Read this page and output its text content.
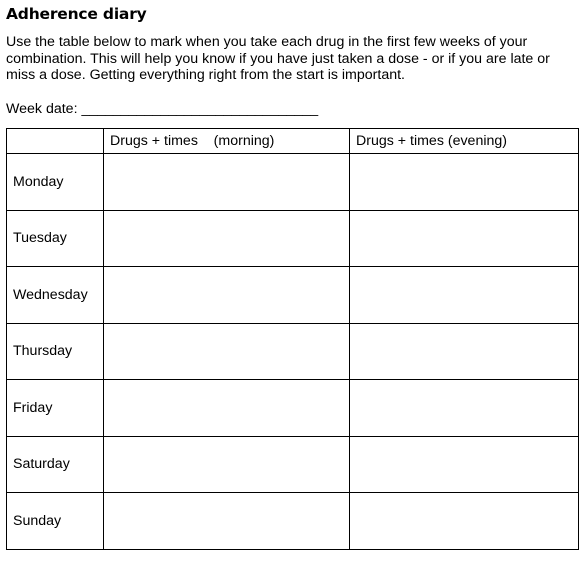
Adherence diary
Use the table below to mark when you take each drug in the first few weeks of your combination. This will help you know if you have just taken a dose - or if you are late or miss a dose. Getting everything right from the start is important.
Week date: ______________________________
	Drugs + times    (morning)	Drugs + times (evening)
Monday		
Tuesday		
Wednesday		
Thursday		
Friday		
Saturday		
Sunday		
